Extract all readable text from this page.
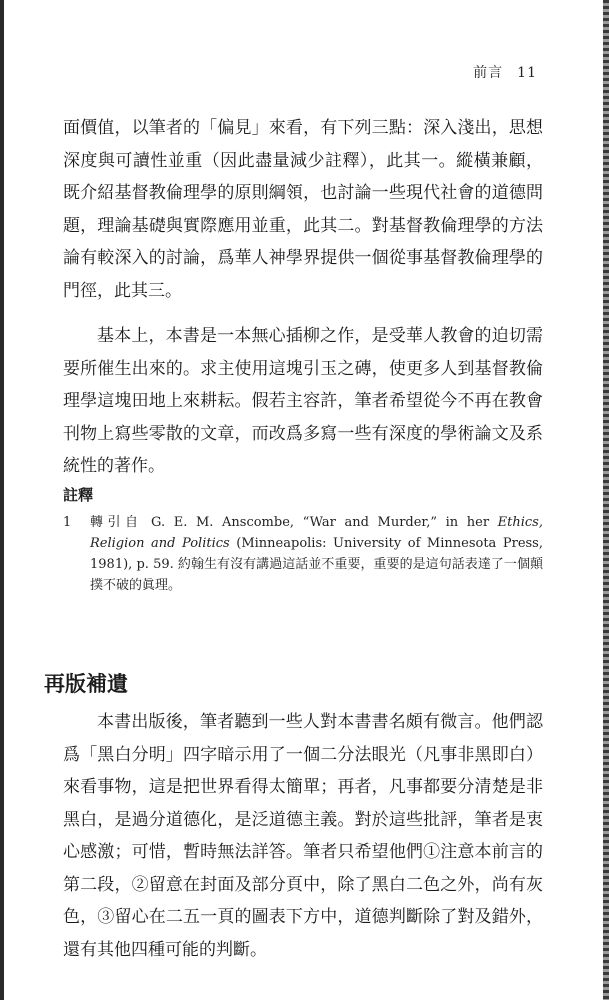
前言 11

面價值，以筆者的「偏見」來看，有下列三點：深入淺出，思想深度與可讀性並重（因此盡量減少註釋），此其一。縱橫兼顧，既介紹基督教倫理學的原則綱領，也討論一些現代社會的道德問題，理論基礎與實際應用並重，此其二。對基督教倫理學的方法論有較深入的討論，爲華人神學界提供一個從事基督教倫理學的門徑，此其三。

基本上，本書是一本無心插柳之作，是受華人教會的迫切需要所催生出來的。求主使用這塊引玉之磚，使更多人到基督教倫理學這塊田地上來耕耘。假若主容許，筆者希望從今不再在教會刊物上寫些零散的文章，而改爲多寫一些有深度的學術論文及系統性的著作。

註釋
1 轉引自 G. E. M. Anscombe, “War and Murder,” in her Ethics, Religion and Politics (Minneapolis: University of Minnesota Press, 1981), p. 59. 約翰生有沒有講過這話並不重要，重要的是這句話表達了一個顛撲不破的眞理。
再版補遺

本書出版後，筆者聽到一些人對本書書名頗有微言。他們認爲「黑白分明」四字暗示用了一個二分法眼光（凡事非黑即白）來看事物，這是把世界看得太簡單；再者，凡事都要分清楚是非黑白，是過分道德化，是泛道德主義。對於這些批評，筆者是衷心感激；可惜，暫時無法詳答。筆者只希望他們①注意本前言的第二段，②留意在封面及部分頁中，除了黑白二色之外，尚有灰色，③留心在二五一頁的圖表下方中，道德判斷除了對及錯外，還有其他四種可能的判斷。
